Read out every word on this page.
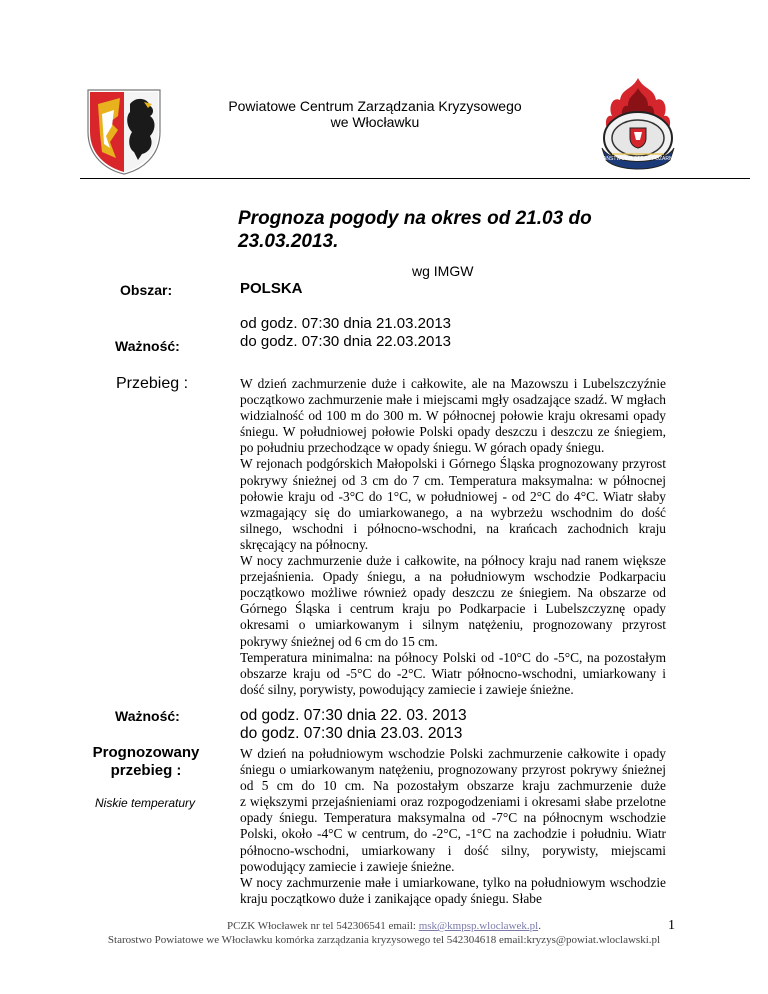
Powiatowe Centrum Zarządzania Kryzysowego
we Włocławku
PAŃSTWOWA STRAŻ POŻARNA
Prognoza pogody na okres od 21.03 do
23.03.2013.
wg IMGW
Obszar:	POLSKA
Ważność:
od godz. 07:30 dnia 21.03.2013
do godz. 07:30 dnia 22.03.2013
Przebieg :	W dzień zachmurzenie duże i całkowite, ale na Mazowszu i Lubelszczyźnie początkowo zachmurzenie małe i miejscami mgły osadzające szadź. W mgłach widzialność od 100 m do 300 m. W północnej połowie kraju okresami opady śniegu. W południowej połowie Polski opady deszczu i deszczu ze śniegiem, po południu przechodzące w opady śniegu. W górach opady śniegu.

W rejonach podgórskich Małopolski i Górnego Śląska prognozowany przyrost pokrywy śnieżnej od 3 cm do 7 cm. Temperatura maksymalna: w północnej połowie kraju od -3°C do 1°C, w południowej - od 2°C do 4°C. Wiatr słaby wzmagający się do umiarkowanego, a na wybrzeżu wschodnim do dość silnego, wschodni i północno-wschodni, na krańcach zachodnich kraju skręcający na północny.

W nocy zachmurzenie duże i całkowite, na północy kraju nad ranem większe przejaśnienia. Opady śniegu, a na południowym wschodzie Podkarpaciu początkowo możliwe również opady deszczu ze śniegiem. Na obszarze od Górnego Śląska i centrum kraju po Podkarpacie i Lubelszczyznę opady okresami o umiarkowanym i silnym natężeniu, prognozowany przyrost pokrywy śnieżnej od 6 cm do 15 cm.

Temperatura minimalna: na północy Polski od -10°C do -5°C, na pozostałym obszarze kraju od -5°C do -2°C. Wiatr północno-wschodni, umiarkowany i dość silny, porywisty, powodujący zamiecie i zawieje śnieżne.

Ważność:	od godz. 07:30 dnia 22. 03. 2013
do godz. 07:30 dnia 23.03. 2013
Prognozowany
przebieg :
Niskie temperatury

W dzień na południowym wschodzie Polski zachmurzenie całkowite i opady śniegu o umiarkowanym natężeniu, prognozowany przyrost pokrywy śnieżnej od 5 cm do 10 cm. Na pozostałym obszarze kraju zachmurzenie duże                 z większymi przejaśnieniami oraz rozpogodzeniami i okresami słabe przelotne opady śniegu. Temperatura maksymalna od -7°C na północnym wschodzie Polski, około -4°C w centrum, do -2°C, -1°C na zachodzie i południu. Wiatr północno-wschodni, umiarkowany i dość silny, porywisty, miejscami powodujący zamiecie i zawieje śnieżne.

W nocy zachmurzenie małe i umiarkowane, tylko na południowym wschodzie kraju początkowo duże i zanikające opady śniegu. Słabe

PCZK Włocławek nr tel 542306541 email: msk@kmpsp.wloclawek.pl.
Starostwo Powiatowe we Włocławku komórka zarządzania kryzysowego tel 542304618 email:kryzys@powiat.wloclawski.pl
1
